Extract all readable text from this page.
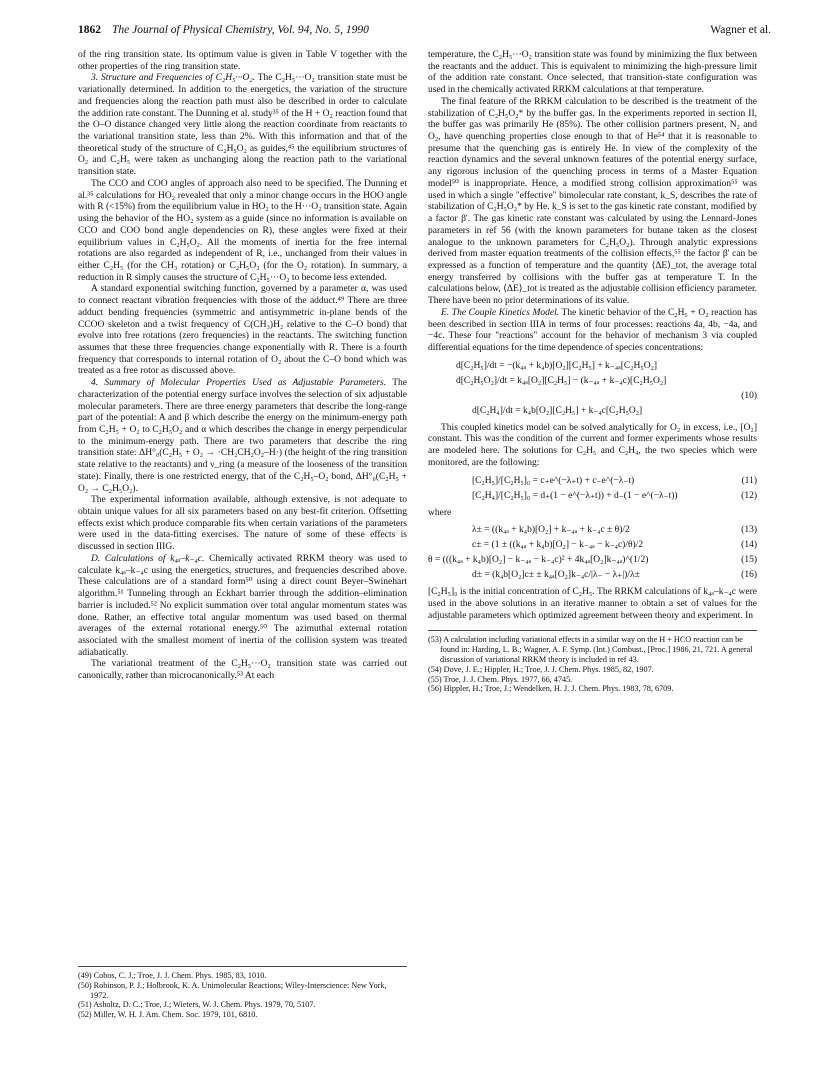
1862 The Journal of Physical Chemistry, Vol. 94, No. 5, 1990	Wagner et al.

of the ring transition state. Its optimum value is given in Table V together with the other properties of the ring transition state.

3. Structure and Frequencies of C₂H₅···O₂. The C₂H₅···O₂ transition state must be variationally determined. In addition to the energetics, the variation of the structure and frequencies along the reaction path must also be described in order to calculate the addition rate constant. The Dunning et al. study³⁵ of the H + O₂ reaction found that the O–O distance changed very little along the reaction coordinate from reactants to the variational transition state, less than 2%. With this information and that of the theoretical study of the structure of C₂H₅O₂ as guides,⁴⁵ the equilibrium structures of O₂ and C₂H₅ were taken as unchanging along the reaction path to the variational transition state.

The CCO and COO angles of approach also need to be specified. The Dunning et al.³⁵ calculations for HO₂ revealed that only a minor change occurs in the HOO angle with R (<15%) from the equilibrium value in HO₂ to the H···O₂ transition state. Again using the behavior of the HO₂ system as a guide (since no information is available on CCO and COO bond angle dependencies on R), these angles were fixed at their equilibrium values in C₂H₅O₂. All the moments of inertia for the free internal rotations are also regarded as independent of R, i.e., unchanged from their values in either C₂H₅ (for the CH₃ rotation) or C₂H₅O₂ (for the O₂ rotation). In summary, a reduction in R simply causes the structure of C₂H₅···O₂ to become less extended.

A standard exponential switching function, governed by a parameter α, was used to connect reactant vibration frequencies with those of the adduct.⁴⁹ There are three adduct bending frequencies (symmetric and antisymmetric in-plane bends of the CCOO skeleton and a twist frequency of C(CH₃)H₂ relative to the C–O bond) that evolve into free rotations (zero frequencies) in the reactants. The switching function assumes that these three frequencies change exponentially with R. There is a fourth frequency that corresponds to internal rotation of O₂ about the C–O bond which was treated as a free rotor as discussed above.

4. Summary of Molecular Properties Used as Adjustable Parameters. The characterization of the potential energy surface involves the selection of six adjustable molecular parameters. There are three energy parameters that describe the long-range part of the potential: A and β which describe the energy on the minimum-energy path from C₂H₅ + O₂ to C₂H₅O₂ and α which describes the change in energy perpendicular to the minimum-energy path. There are two parameters that describe the ring transition state: ΔH°₀(C₂H₅ + O₂ → ·CH₂CH₂O₂–H·) (the height of the ring transition state relative to the reactants) and ν_ring (a measure of the looseness of the transition state). Finally, there is one restricted energy, that of the C₂H₅–O₂ bond, ΔH°₀(C₂H₅ + O₂ → C₂H₅O₂).

The experimental information available, although extensive, is not adequate to obtain unique values for all six parameters based on any best-fit criterion. Offsetting effects exist which produce comparable fits when certain variations of the parameters were used in the data-fitting exercises. The nature of some of these effects is discussed in section IIIG.

D. Calculations of k₄ₐ–k₋₄c. Chemically activated RRKM theory was used to calculate k₄ₐ–k₋₄c using the energetics, structures, and frequencies described above. These calculations are of a standard form⁵⁰ using a direct count Beyer–Swinehart algorithm.⁵¹ Tunneling through an Eckhart barrier through the addition–elimination barrier is included.⁵² No explicit summation over total angular momentum states was done. Rather, an effective total angular momentum was used based on thermal averages of the external rotational energy.⁵⁰ The azimuthal external rotation associated with the smallest moment of inertia of the collision system was treated adiabatically.

The variational treatment of the C₂H₅···O₂ transition state was carried out canonically, rather than microcanonically.⁵³ At each

(49) Cobos, C. J.; Troe, J. J. Chem. Phys. 1985, 83, 1010.

(50) Robinson, P. J.; Holbrook, K. A. Unimolecular Reactions; Wiley-Interscience: New York, 1972.

(51) Asholtz, D. C.; Troe, J.; Wieters, W. J. Chem. Phys. 1979, 70, 5107.

(52) Miller, W. H. J. Am. Chem. Soc. 1979, 101, 6810.

temperature, the C₂H₅···O₂ transition state was found by minimizing the flux between the reactants and the adduct. This is equivalent to minimizing the high-pressure limit of the addition rate constant. Once selected, that transition-state configuration was used in the chemically activated RRKM calculations at that temperature.

The final feature of the RRKM calculation to be described is the treatment of the stabilization of C₂H₅O₂* by the buffer gas. In the experiments reported in section II, the buffer gas was primarily He (85%). The other collision partners present, N₂ and O₂, have quenching properties close enough to that of He⁵⁴ that it is reasonable to presume that the quenching gas is entirely He. In view of the complexity of the reaction dynamics and the several unknown features of the potential energy surface, any rigorous inclusion of the quenching process in terms of a Master Equation model⁵⁰ is inappropriate. Hence, a modified strong collision approximation⁵⁵ was used in which a single "effective" bimolecular rate constant, k_S, describes the rate of stabilization of C₂H₅O₂* by He. k_S is set to the gas kinetic rate constant, modified by a factor β'. The gas kinetic rate constant was calculated by using the Lennard-Jones parameters in ref 56 (with the known parameters for butane taken as the closest analogue to the unknown parameters for C₂H₅O₂). Through analytic expressions derived from master equation treatments of the collision effects,⁵⁵ the factor β' can be expressed as a function of temperature and the quantity ⟨ΔE⟩_tot, the average total energy transferred by collisions with the buffer gas at temperature T. In the calculations below, ⟨ΔE⟩_tot is treated as the adjustable collision efficiency parameter. There have been no prior determinations of its value.

E. The Couple Kinetics Model. The kinetic behavior of the C₂H₅ + O₂ reaction has been described in section IIIA in terms of four processes: reactions 4a, 4b, −4a, and −4c. These four "reactions" account for the behavior of mechanism 3 via coupled differential equations for the time dependence of species concentrations:

d[C₂H₅]/dt = −(k₄ₐ + k₄b)[O₂][C₂H₅] + k₋₄ₐ[C₂H₅O₂]
d[C₂H₅O₂]/dt = k₄ₐ[O₂][C₂H₅] − (k₋₄ₐ + k₋₄c)[C₂H₅O₂]
(10)
d[C₂H₄]/dt = k₄b[O₂][C₂H₅] + k₋₄c[C₂H₅O₂]

This coupled kinetics model can be solved analytically for O₂ in excess, i.e., [O₂] constant. This was the condition of the current and former experiments whose results are modeled here. The solutions for C₂H₅ and C₂H₄, the two species which were monitored, are the following:

[C₂H₅]/[C₂H₅]₀ = c₊e^(−λ₊t) + c₋e^(−λ₋t)	(11)
[C₂H₄]/[C₂H₅]₀ = d₊(1 − e^(−λ₊t)) + d₋(1 − e^(−λ₋t))	(12)

where

λ± = ((k₄ₐ + k₄b)[O₂] + k₋₄ₐ + k₋₄c ± θ)/2	(13)
c± = (1 ± ((k₄ₐ + k₄b)[O₂] − k₋₄ₐ − k₋₄c)/θ)/2	(14)
θ = (((k₄ₐ + k₄b)[O₂] − k₋₄ₐ − k₋₄c)² + 4k₄ₐ[O₂]k₋₄ₐ)^(1/2)	(15)
d± = (k₄b[O₂]c± ± k₄ₐ[O₂]k₋₄c/|λ₋ − λ₊|)/λ±	(16)

[C₂H₅]₀ is the initial concentration of C₂H₅. The RRKM calculations of k₄ₐ–k₋₄c were used in the above solutions in an iterative manner to obtain a set of values for the adjustable parameters which optimized agreement between theory and experiment. In

(53) A calculation including variational effects in a similar way on the H + HCO reaction can be found in: Harding, L. B.; Wagner, A. F. Symp. (Int.) Combust., [Proc.] 1986, 21, 721. A general discussion of variational RRKM theory is included in ref 43.

(54) Dove, J. E.; Hippler, H.; Troe, J. J. Chem. Phys. 1985, 82, 1907.

(55) Troe, J. J. Chem. Phys. 1977, 66, 4745.

(56) Hippler, H.; Troe, J.; Wendelken, H. J. J. Chem. Phys. 1983, 78, 6709.
